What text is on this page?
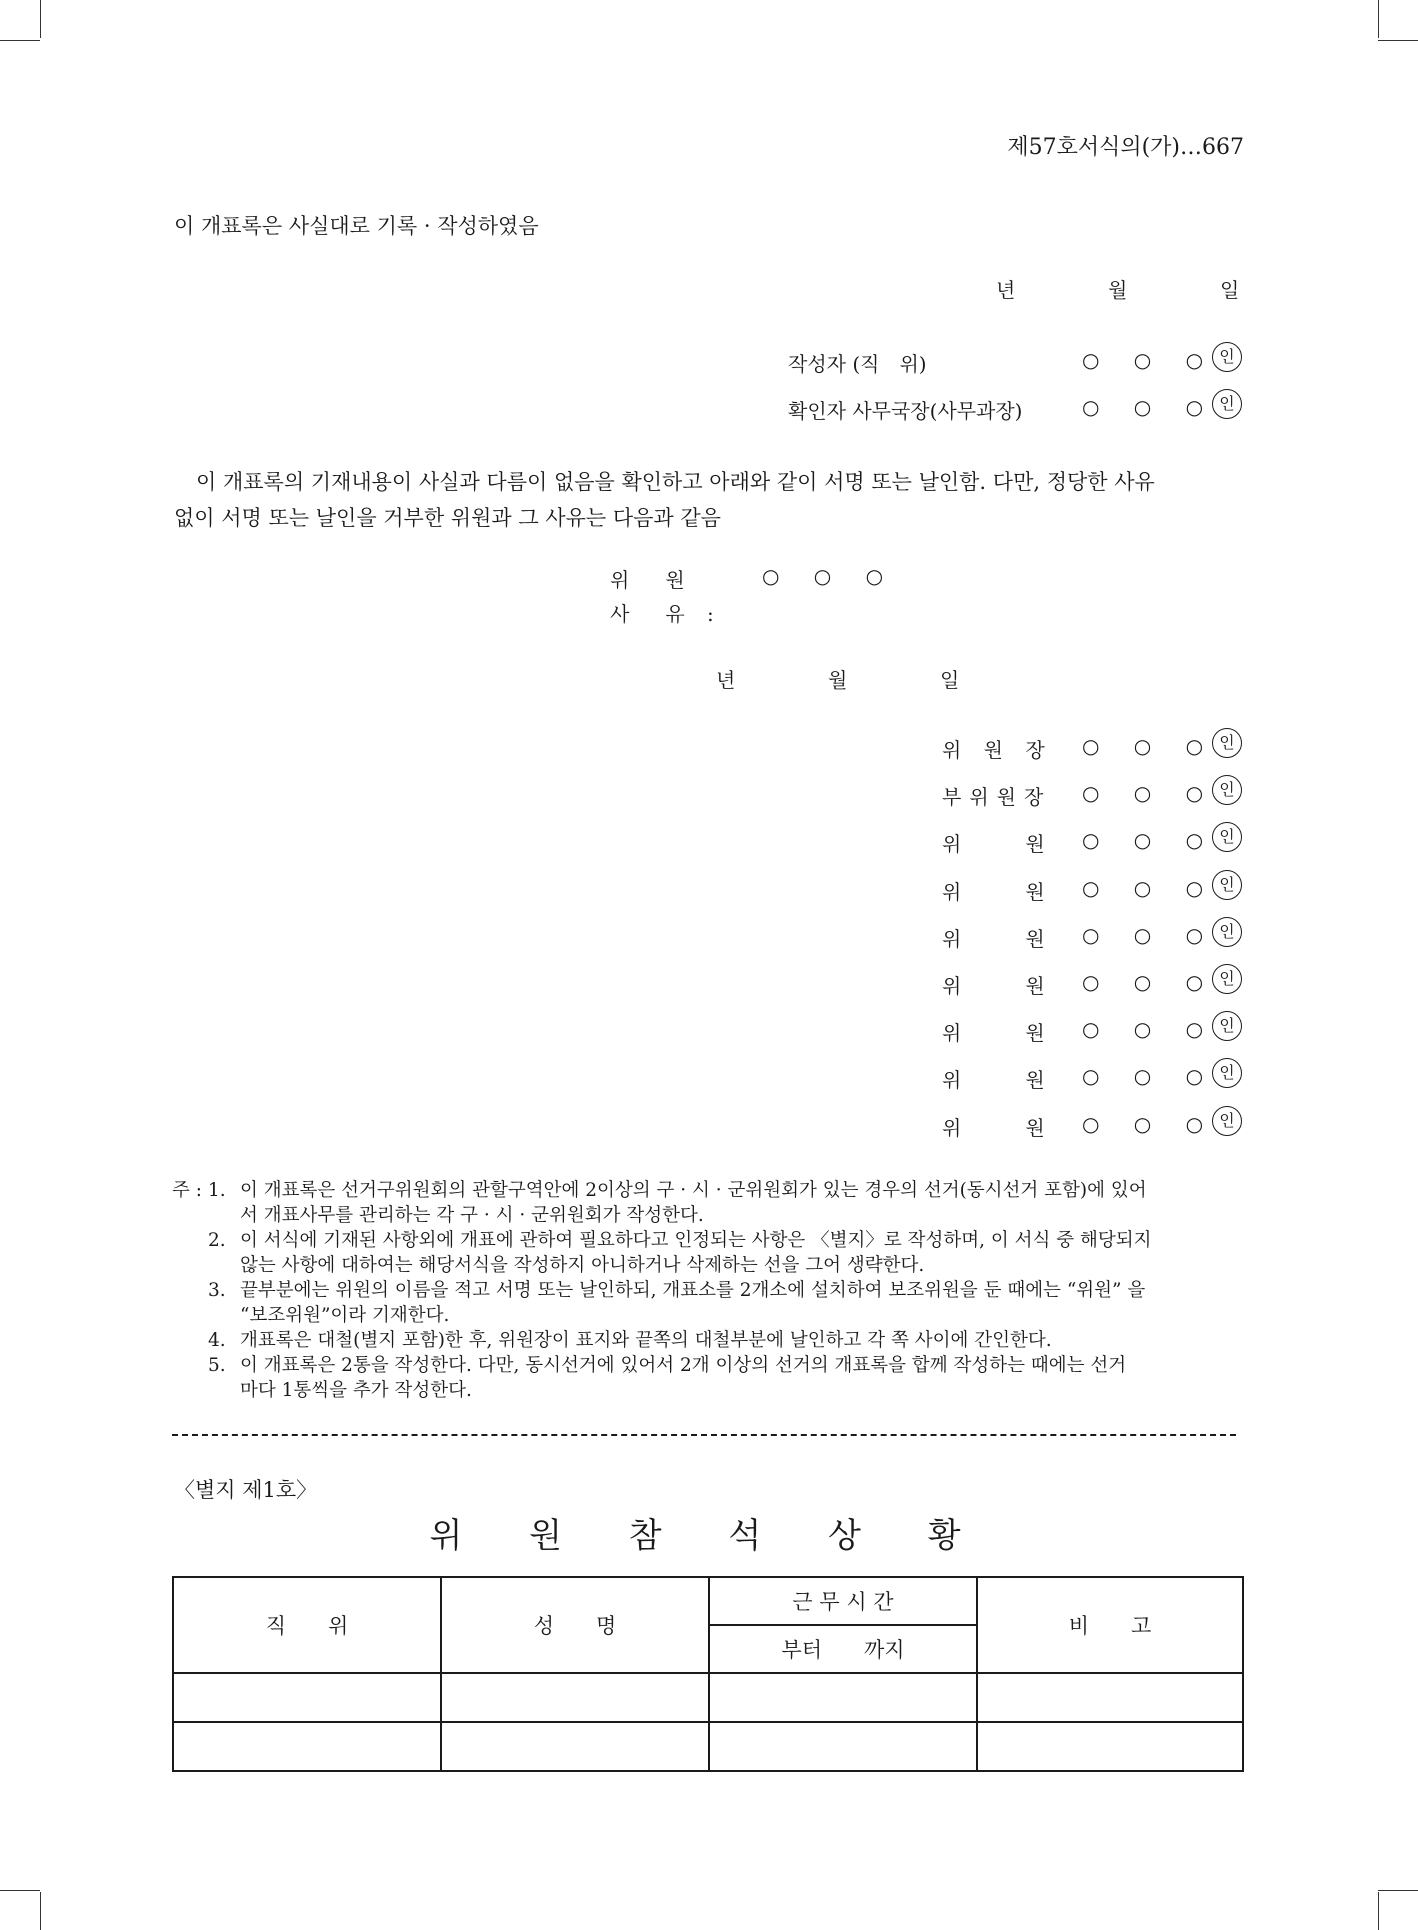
제57호서식의(가)…667
이 개표록은 사실대로 기록 · 작성하였음
년	월	일
작성자 (직　위)	○ ○ ○ 인
확인자 사무국장(사무과장)	○ ○ ○ 인
이 개표록의 기재내용이 사실과 다름이 없음을 확인하고 아래와 같이 서명 또는 날인함. 다만, 정당한 사유
없이 서명 또는 날인을 거부한 위원과 그 사유는 다음과 같음
위　원	○ ○ ○
사　유 :
년	월	일
위 원 장 ○ ○ ○ 인
부위원장 ○ ○ ○ 인
위　　원 ○ ○ ○ 인
위　　원 ○ ○ ○ 인
위　　원 ○ ○ ○ 인
위　　원 ○ ○ ○ 인
위　　원 ○ ○ ○ 인
위　　원 ○ ○ ○ 인
위　　원 ○ ○ ○ 인
주 : 1. 이 개표록은 선거구위원회의 관할구역안에 2이상의 구 · 시 · 군위원회가 있는 경우의 선거(동시선거 포함)에 있어
서 개표사무를 관리하는 각 구 · 시 · 군위원회가 작성한다.
2. 이 서식에 기재된 사항외에 개표에 관하여 필요하다고 인정되는 사항은 〈별지〉로 작성하며, 이 서식 중 해당되지
않는 사항에 대하여는 해당서식을 작성하지 아니하거나 삭제하는 선을 그어 생략한다.
3. 끝부분에는 위원의 이름을 적고 서명 또는 날인하되, 개표소를 2개소에 설치하여 보조위원을 둔 때에는 “위원” 을
“보조위원”이라 기재한다.
4. 개표록은 대철(별지 포함)한 후, 위원장이 표지와 끝쪽의 대철부분에 날인하고 각 쪽 사이에 간인한다.
5. 이 개표록은 2통을 작성한다. 다만, 동시선거에 있어서 2개 이상의 선거의 개표록을 합께 작성하는 때에는 선거
마다 1통씩을 추가 작성한다.
〈별지 제1호〉
위 원 참 석 상 황
직　　위	성　　명	근 무 시 간	비　　고
		부터　　까지	
